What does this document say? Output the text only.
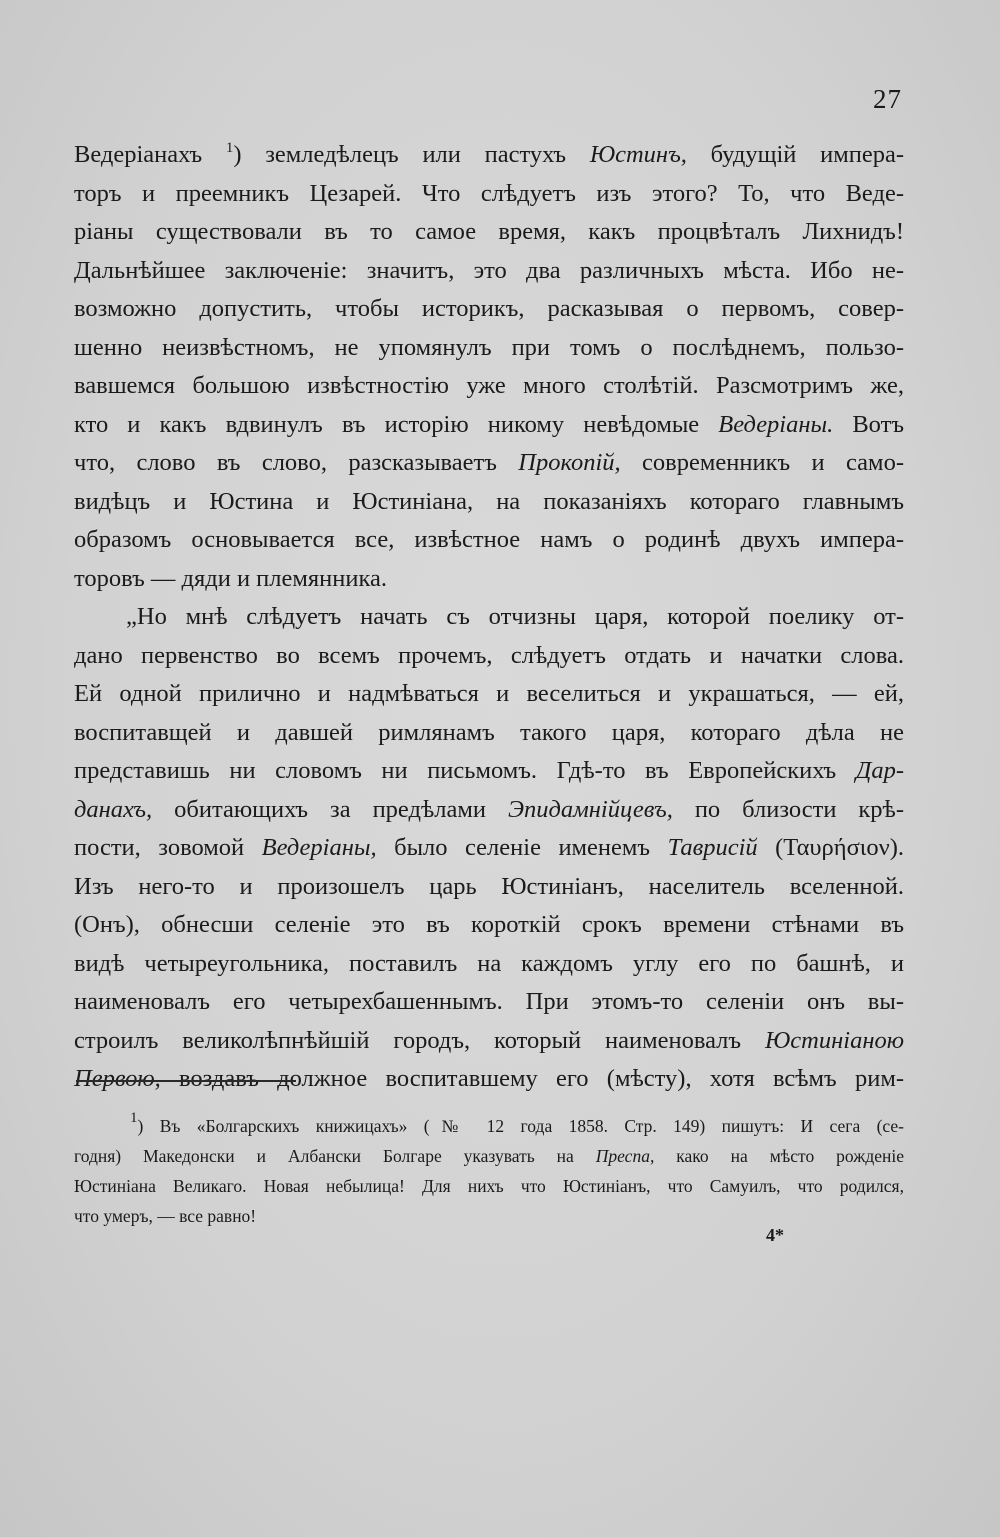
27
Ведеріанахъ $^1$) земледѣлецъ или пастухъ Юстинъ, будущій импера-
торъ и преемникъ Цезарей. Что слѣдуетъ изъ этого? То, что Веде-
ріаны существовали въ то самое время, какъ процвѣталъ Лихнидъ!
Дальнѣйшее заключеніе: значитъ, это два различныхъ мѣста. Ибо не-
возможно допустить, чтобы историкъ, расказывая о первомъ, совер-
шенно неизвѣстномъ, не упомянулъ при томъ о послѣднемъ, пользо-
вавшемся большою извѣстностію уже много столѣтій. Разсмотримъ же,
кто и какъ вдвинулъ въ исторію никому невѣдомые Ведеріаны. Вотъ
что, слово въ слово, разсказываетъ Прокопій, современникъ и само-
видѣцъ и Юстина и Юстиніана, на показаніяхъ котораго главнымъ
образомъ основывается все, извѣстное намъ о родинѣ двухъ импера-
торовъ — дяди и племянника.
„Но мнѣ слѣдуетъ начать съ отчизны царя, которой поелику от-
дано первенство во всемъ прочемъ, слѣдуетъ отдать и начатки слова.
Ей одной прилично и надмѣваться и веселиться и украшаться, — ей,
воспитавщей и давшей римлянамъ такого царя, котораго дѣла не
представишь ни словомъ ни письмомъ. Гдѣ-то въ Европейскихъ Дар-
данахъ, обитающихъ за предѣлами Эпидамнійцевъ, по близости крѣ-
пости, зовомой Ведеріаны, было селеніе именемъ Таврисій (Ταυρήσιον).
Изъ него-то и произошелъ царь Юстиніанъ, населитель вселенной.
(Онъ), обнесши селеніе это въ короткій срокъ времени стѣнами въ
видѣ четыреугольника, поставилъ на каждомъ углу его по башнѣ, и
наименовалъ его четырехбашеннымъ. При этомъ-то селеніи онъ вы-
строилъ великолѣпнѣйшій городъ, который наименовалъ Юстиніаною
Первою, воздавъ должное воспитавшему его (мѣсту), хотя всѣмъ рим-
$^1$) Въ «Болгарскихъ книжицахъ» (№ 12 года 1858. Стр. 149) пишутъ: И сега (се-
годня) Македонски и Албански Болгаре указувать на Преспа, како на мѣсто рожденіе
Юстиніана Великаго. Новая небылица! Для нихъ что Юстиніанъ, что Самуилъ, что родился,
что умеръ, — все равно!
4*
